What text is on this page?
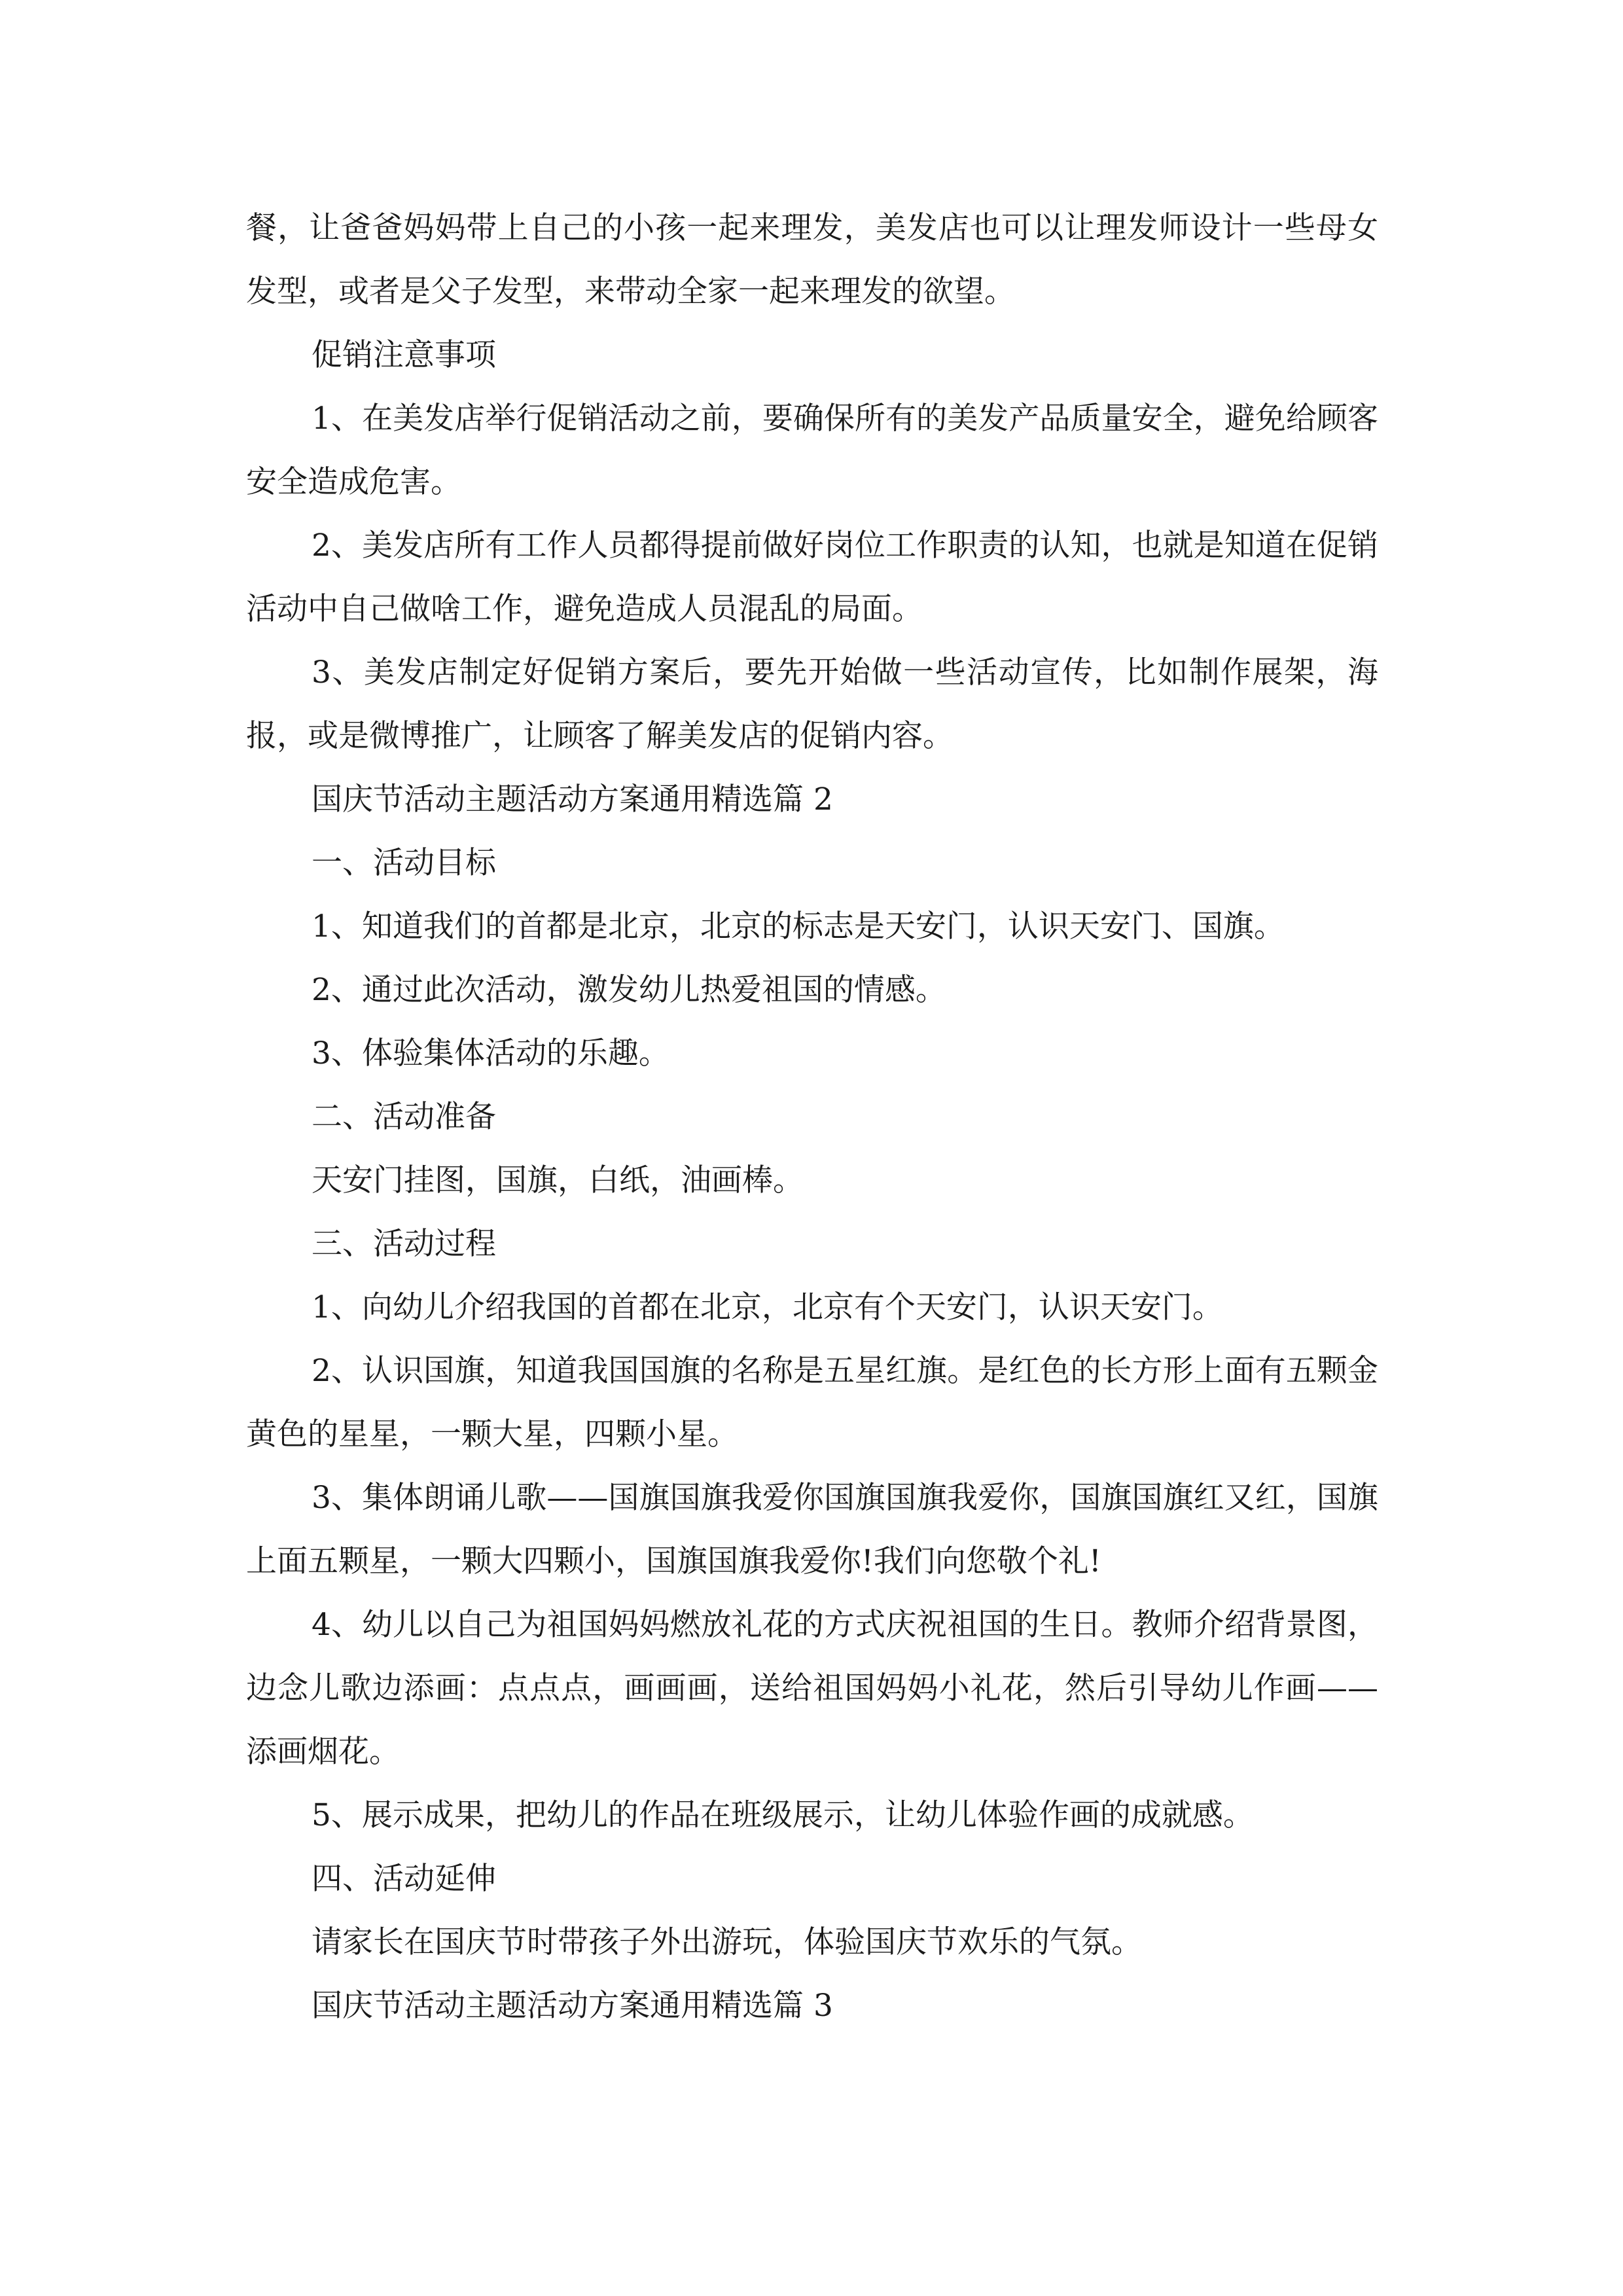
餐，让爸爸妈妈带上自己的小孩一起来理发，美发店也可以让理发师设计一些母女发型，或者是父子发型，来带动全家一起来理发的欲望。

促销注意事项

1、在美发店举行促销活动之前，要确保所有的美发产品质量安全，避免给顾客安全造成危害。

2、美发店所有工作人员都得提前做好岗位工作职责的认知，也就是知道在促销活动中自己做啥工作，避免造成人员混乱的局面。

3、美发店制定好促销方案后，要先开始做一些活动宣传，比如制作展架，海报，或是微博推广，让顾客了解美发店的促销内容。

国庆节活动主题活动方案通用精选篇 2

一、活动目标

1、知道我们的首都是北京，北京的标志是天安门，认识天安门、国旗。

2、通过此次活动，激发幼儿热爱祖国的情感。

3、体验集体活动的乐趣。

二、活动准备

天安门挂图，国旗，白纸，油画棒。

三、活动过程

1、向幼儿介绍我国的首都在北京，北京有个天安门，认识天安门。

2、认识国旗，知道我国国旗的名称是五星红旗。是红色的长方形上面有五颗金黄色的星星，一颗大星，四颗小星。

3、集体朗诵儿歌——国旗国旗我爱你国旗国旗我爱你，国旗国旗红又红，国旗上面五颗星，一颗大四颗小，国旗国旗我爱你!我们向您敬个礼!

4、幼儿以自己为祖国妈妈燃放礼花的方式庆祝祖国的生日。教师介绍背景图，边念儿歌边添画：点点点，画画画，送给祖国妈妈小礼花，然后引导幼儿作画——添画烟花。

5、展示成果，把幼儿的作品在班级展示，让幼儿体验作画的成就感。

四、活动延伸

请家长在国庆节时带孩子外出游玩，体验国庆节欢乐的气氛。

国庆节活动主题活动方案通用精选篇 3
